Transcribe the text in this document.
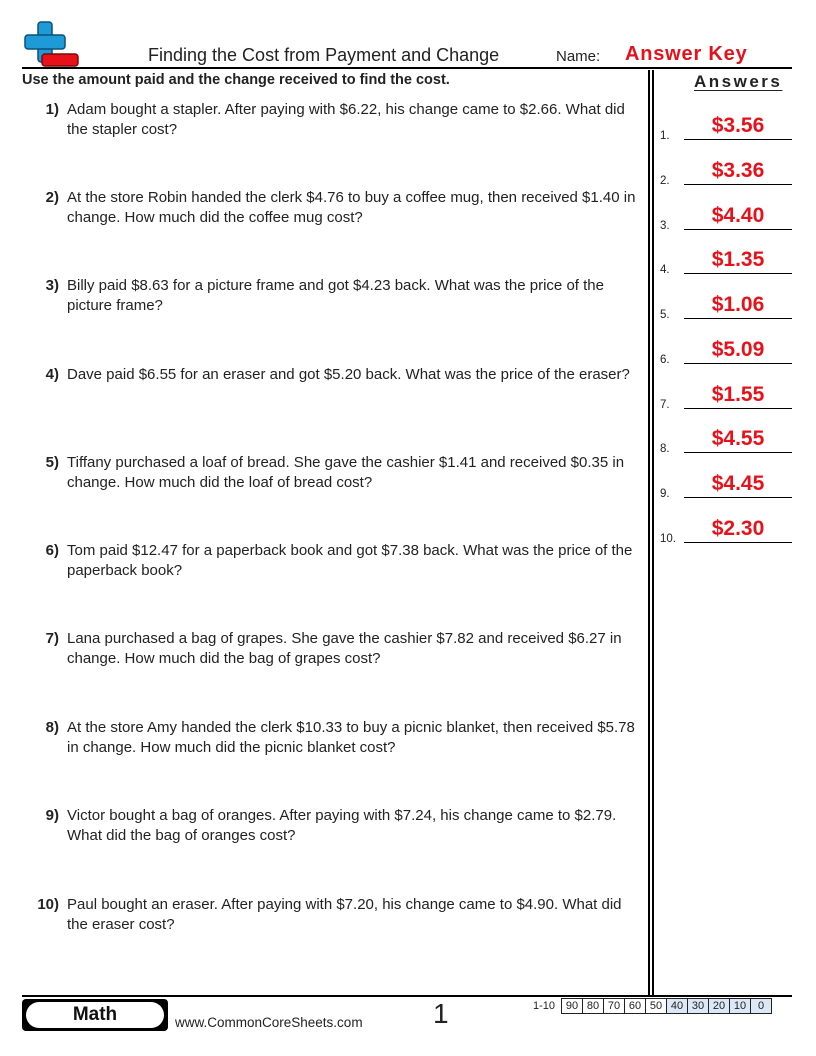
Finding the Cost from Payment and Change	Name: Answer Key
Use the amount paid and the change received to find the cost.	Answers
1) Adam bought a stapler. After paying with $6.22, his change came to $2.66. What did the stapler cost?
2) At the store Robin handed the clerk $4.76 to buy a coffee mug, then received $1.40 in change. How much did the coffee mug cost?
3) Billy paid $8.63 for a picture frame and got $4.23 back. What was the price of the picture frame?
4) Dave paid $6.55 for an eraser and got $5.20 back. What was the price of the eraser?
5) Tiffany purchased a loaf of bread. She gave the cashier $1.41 and received $0.35 in change. How much did the loaf of bread cost?
6) Tom paid $12.47 for a paperback book and got $7.38 back. What was the price of the paperback book?
7) Lana purchased a bag of grapes. She gave the cashier $7.82 and received $6.27 in change. How much did the bag of grapes cost?
8) At the store Amy handed the clerk $10.33 to buy a picnic blanket, then received $5.78 in change. How much did the picnic blanket cost?
9) Victor bought a bag of oranges. After paying with $7.24, his change came to $2.79. What did the bag of oranges cost?
10) Paul bought an eraser. After paying with $7.20, his change came to $4.90. What did the eraser cost?
1.	$3.56
2.	$3.36
3.	$4.40
4.	$1.35
5.	$1.06
6.	$5.09
7.	$1.55
8.	$4.55
9.	$4.45
10.	$2.30
Math	www.CommonCoreSheets.com	1	1-10	90	80	70	60	50	40	30	20	10	0
